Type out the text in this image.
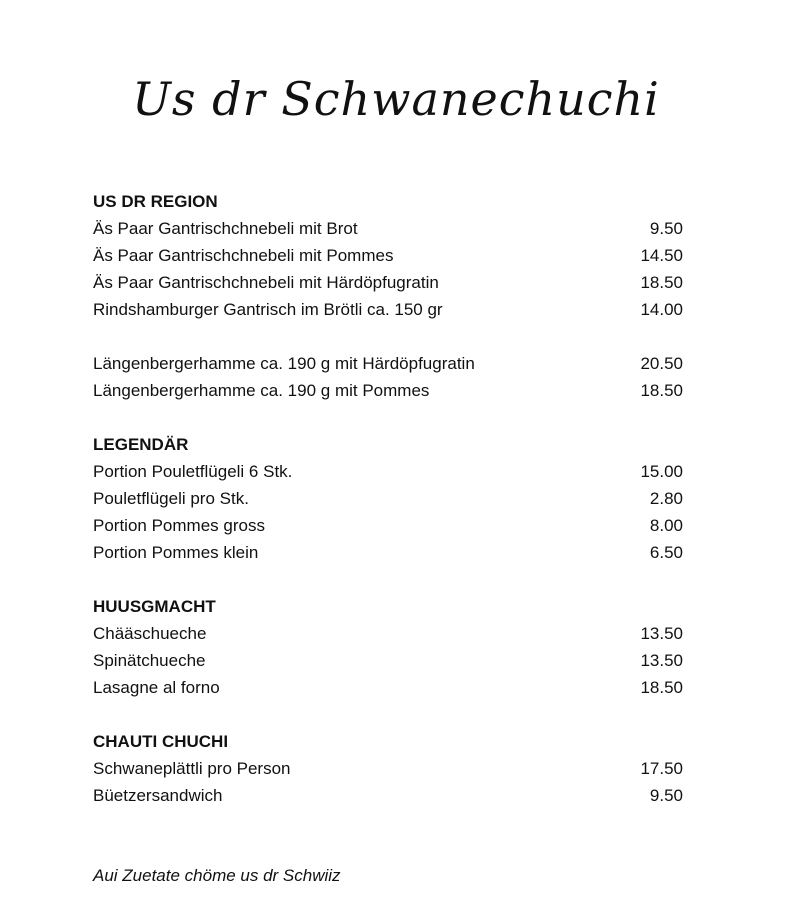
Us dr Schwanechuchi
US DR REGION
Äs Paar Gantrischchnebeli mit Brot	9.50
Äs Paar Gantrischchnebeli mit Pommes	14.50
Äs Paar Gantrischchnebeli mit Härdöpfugratin	18.50
Rindshamburger Gantrisch im Brötli ca. 150 gr	14.00
Längenbergerhamme ca. 190 g mit Härdöpfugratin	20.50
Längenbergerhamme ca. 190 g mit Pommes	18.50
LEGENDÄR
Portion Pouletflügeli 6 Stk.	15.00
Pouletflügeli pro Stk.	2.80
Portion Pommes gross	8.00
Portion Pommes klein	6.50
HUUSGMACHT
Chääschueche	13.50
Spinätchueche	13.50
Lasagne al forno	18.50
CHAUTI CHUCHI
Schwaneplättli pro Person	17.50
Büetzersandwich	9.50
Aui Zuetate chöme us dr Schwiiz
